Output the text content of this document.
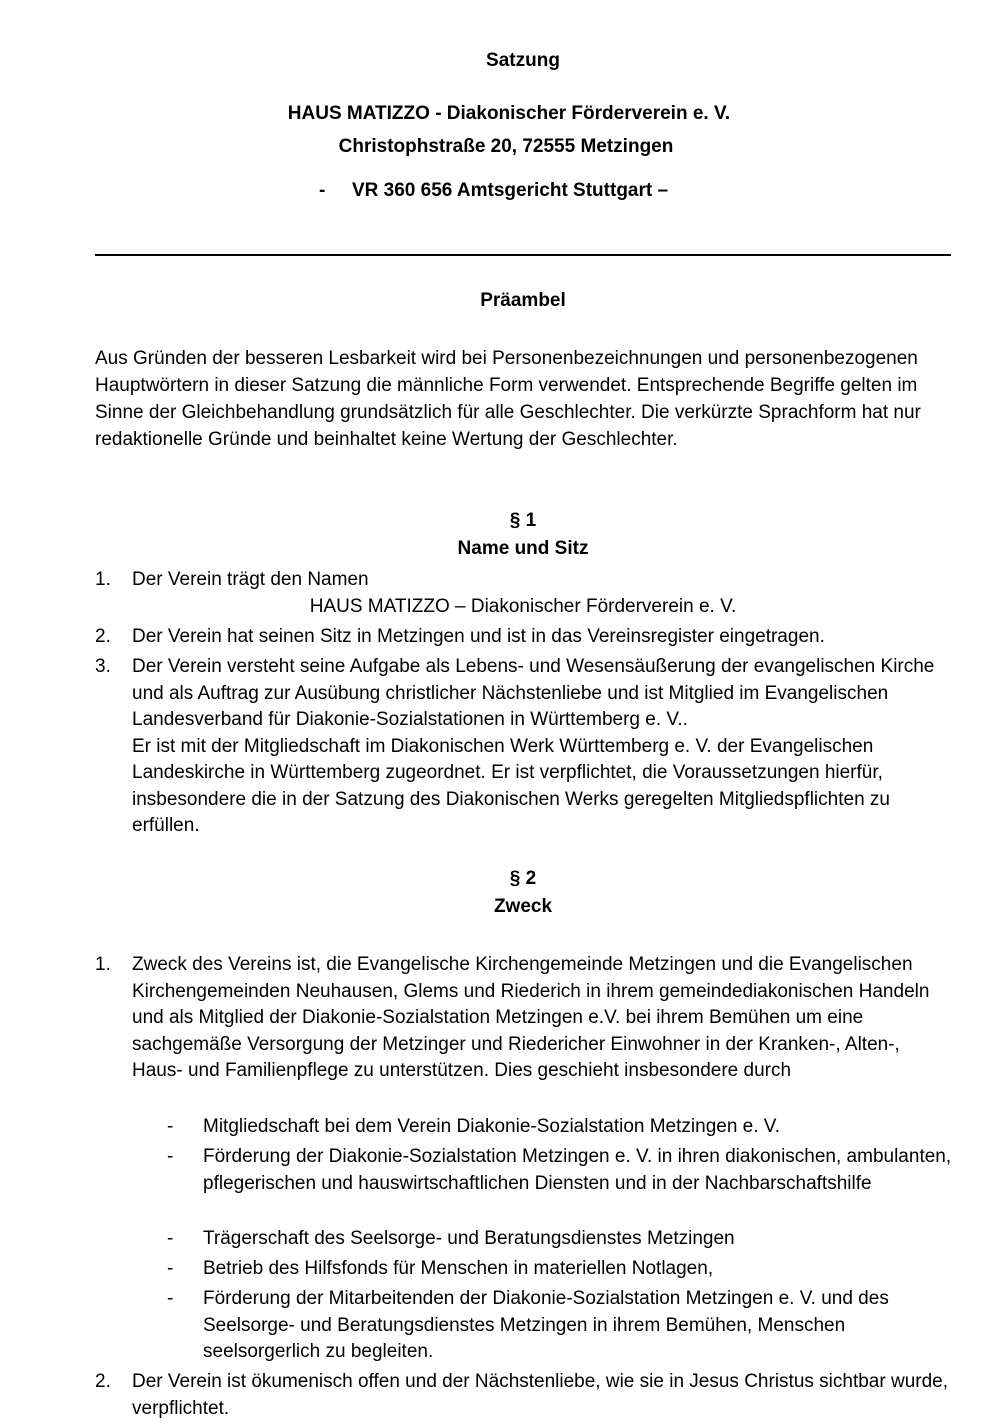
Satzung
HAUS MATIZZO - Diakonischer Förderverein e. V.
Christophstraße 20, 72555 Metzingen
- VR 360 656 Amtsgericht Stuttgart –
Präambel
Aus Gründen der besseren Lesbarkeit wird bei Personenbezeichnungen und personenbezogenen Hauptwörtern in dieser Satzung die männliche Form verwendet. Entsprechende Begriffe gelten im Sinne der Gleichbehandlung grundsätzlich für alle Geschlechter. Die verkürzte Sprachform hat nur redaktionelle Gründe und beinhaltet keine Wertung der Geschlechter.
§ 1
Name und Sitz
1. Der Verein trägt den Namen
HAUS MATIZZO – Diakonischer Förderverein e. V.
2. Der Verein hat seinen Sitz in Metzingen und ist in das Vereinsregister eingetragen.
3. Der Verein versteht seine Aufgabe als Lebens- und Wesensäußerung der evangelischen Kirche und als Auftrag zur Ausübung christlicher Nächstenliebe und ist Mitglied im Evangelischen Landesverband für Diakonie-Sozialstationen in Württemberg e. V..
Er ist mit der Mitgliedschaft im Diakonischen Werk Württemberg e. V. der Evangelischen Landeskirche in Württemberg zugeordnet. Er ist verpflichtet, die Voraussetzungen hierfür, insbesondere die in der Satzung des Diakonischen Werks geregelten Mitgliedspflichten zu erfüllen.
§ 2
Zweck
1. Zweck des Vereins ist, die Evangelische Kirchengemeinde Metzingen und die Evangelischen Kirchengemeinden Neuhausen, Glems und Riederich in ihrem gemeindediakonischen Handeln und als Mitglied der Diakonie-Sozialstation Metzingen e.V. bei ihrem Bemühen um eine sachgemäße Versorgung der Metzinger und Riedericher Einwohner in der Kranken-, Alten-, Haus- und Familienpflege zu unterstützen. Dies geschieht insbesondere durch
- Mitgliedschaft bei dem Verein Diakonie-Sozialstation Metzingen e. V.
- Förderung der Diakonie-Sozialstation Metzingen e. V. in ihren diakonischen, ambulanten, pflegerischen und hauswirtschaftlichen Diensten und in der Nachbarschaftshilfe
- Trägerschaft des Seelsorge- und Beratungsdienstes Metzingen
- Betrieb des Hilfsfonds für Menschen in materiellen Notlagen,
- Förderung der Mitarbeitenden der Diakonie-Sozialstation Metzingen e. V. und des Seelsorge- und Beratungsdienstes Metzingen in ihrem Bemühen, Menschen seelsorgerlich zu begleiten.
2. Der Verein ist ökumenisch offen und der Nächstenliebe, wie sie in Jesus Christus sichtbar wurde, verpflichtet.
